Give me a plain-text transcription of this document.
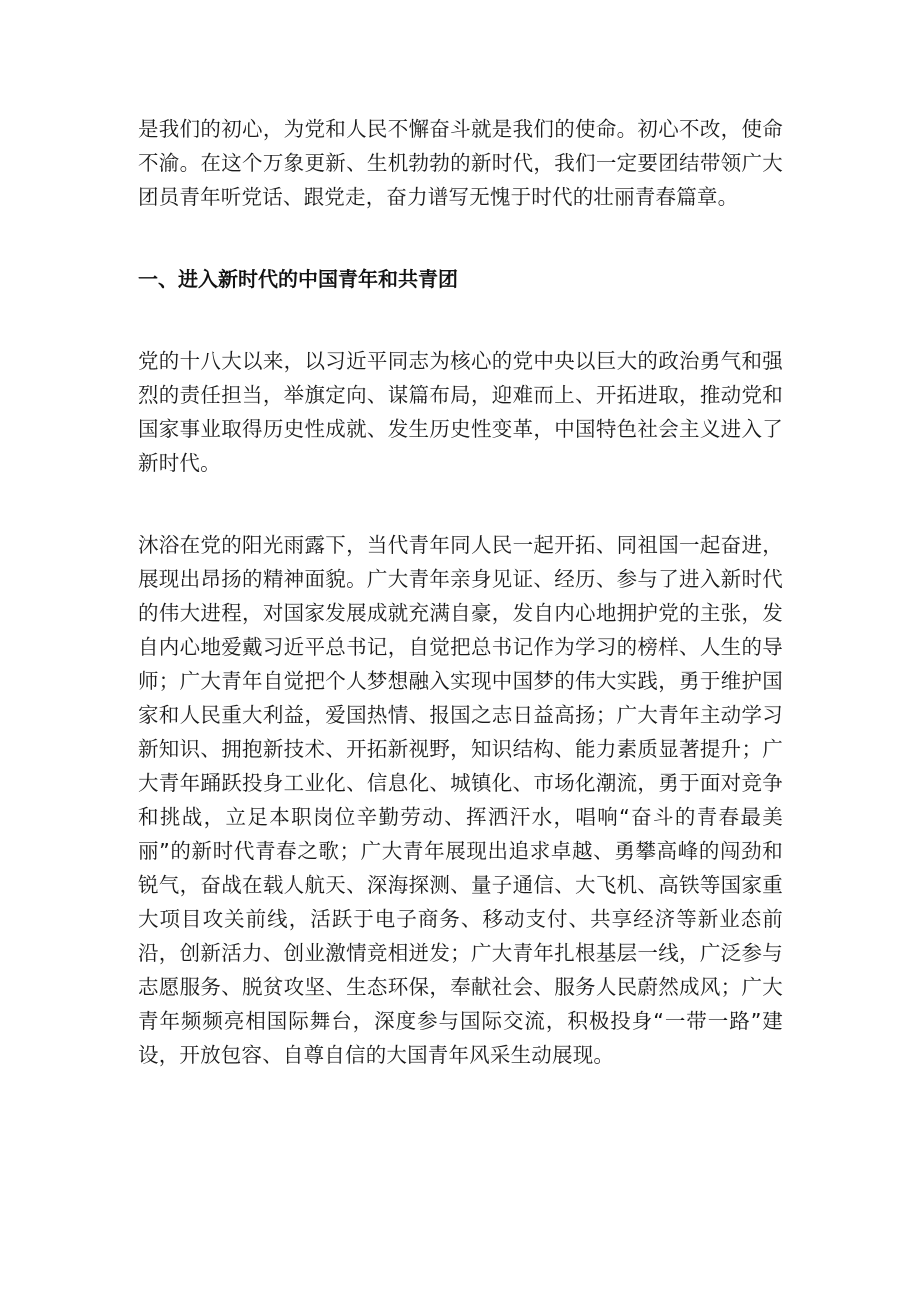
是我们的初心，为党和人民不懈奋斗就是我们的使命。初心不改，使命不渝。在这个万象更新、生机勃勃的新时代，我们一定要团结带领广大团员青年听党话、跟党走，奋力谱写无愧于时代的壮丽青春篇章。

一、进入新时代的中国青年和共青团

党的十八大以来，以习近平同志为核心的党中央以巨大的政治勇气和强烈的责任担当，举旗定向、谋篇布局，迎难而上、开拓进取，推动党和国家事业取得历史性成就、发生历史性变革，中国特色社会主义进入了新时代。

沐浴在党的阳光雨露下，当代青年同人民一起开拓、同祖国一起奋进，展现出昂扬的精神面貌。广大青年亲身见证、经历、参与了进入新时代的伟大进程，对国家发展成就充满自豪，发自内心地拥护党的主张，发自内心地爱戴习近平总书记，自觉把总书记作为学习的榜样、人生的导师；广大青年自觉把个人梦想融入实现中国梦的伟大实践，勇于维护国家和人民重大利益，爱国热情、报国之志日益高扬；广大青年主动学习新知识、拥抱新技术、开拓新视野，知识结构、能力素质显著提升；广大青年踊跃投身工业化、信息化、城镇化、市场化潮流，勇于面对竞争和挑战，立足本职岗位辛勤劳动、挥洒汗水，唱响“奋斗的青春最美丽”的新时代青春之歌；广大青年展现出追求卓越、勇攀高峰的闯劲和锐气，奋战在载人航天、深海探测、量子通信、大飞机、高铁等国家重大项目攻关前线，活跃于电子商务、移动支付、共享经济等新业态前沿，创新活力、创业激情竞相迸发；广大青年扎根基层一线，广泛参与志愿服务、脱贫攻坚、生态环保，奉献社会、服务人民蔚然成风；广大青年频频亮相国际舞台，深度参与国际交流，积极投身“一带一路”建设，开放包容、自尊自信的大国青年风采生动展现。
